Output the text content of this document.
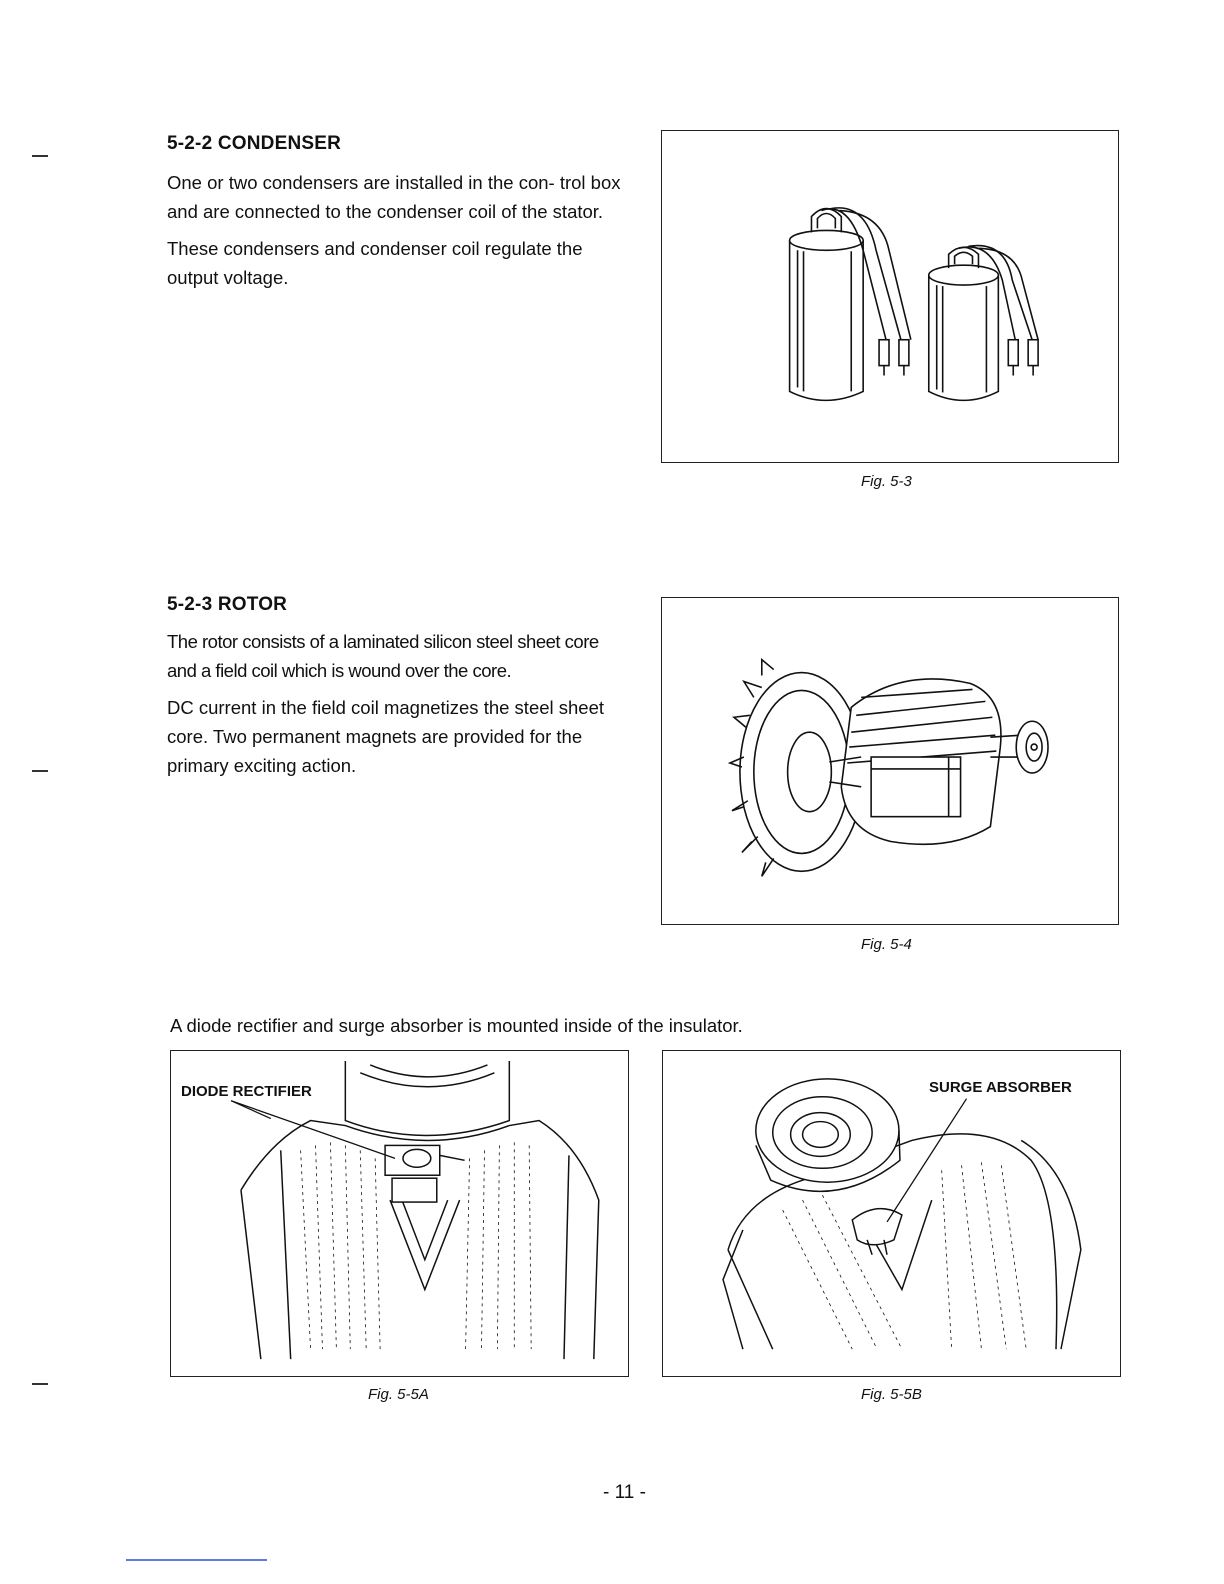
5-2-2 CONDENSER

One or two condensers are installed in the con- trol box and are connected to the condenser coil of the stator.

These condensers and condenser coil regulate the output voltage.

Fig. 5-3
5-2-3 ROTOR

The rotor consists of a laminated silicon steel sheet core and a field coil which is wound over the core.

DC current in the field coil magnetizes the steel sheet core. Two permanent magnets are provided for the primary exciting action.

Fig. 5-4
A diode rectifier and surge absorber is mounted inside of the insulator.
DIODE RECTIFIER
Fig. 5-5A
SURGE ABSORBER
Fig. 5-5B
- 11 -
